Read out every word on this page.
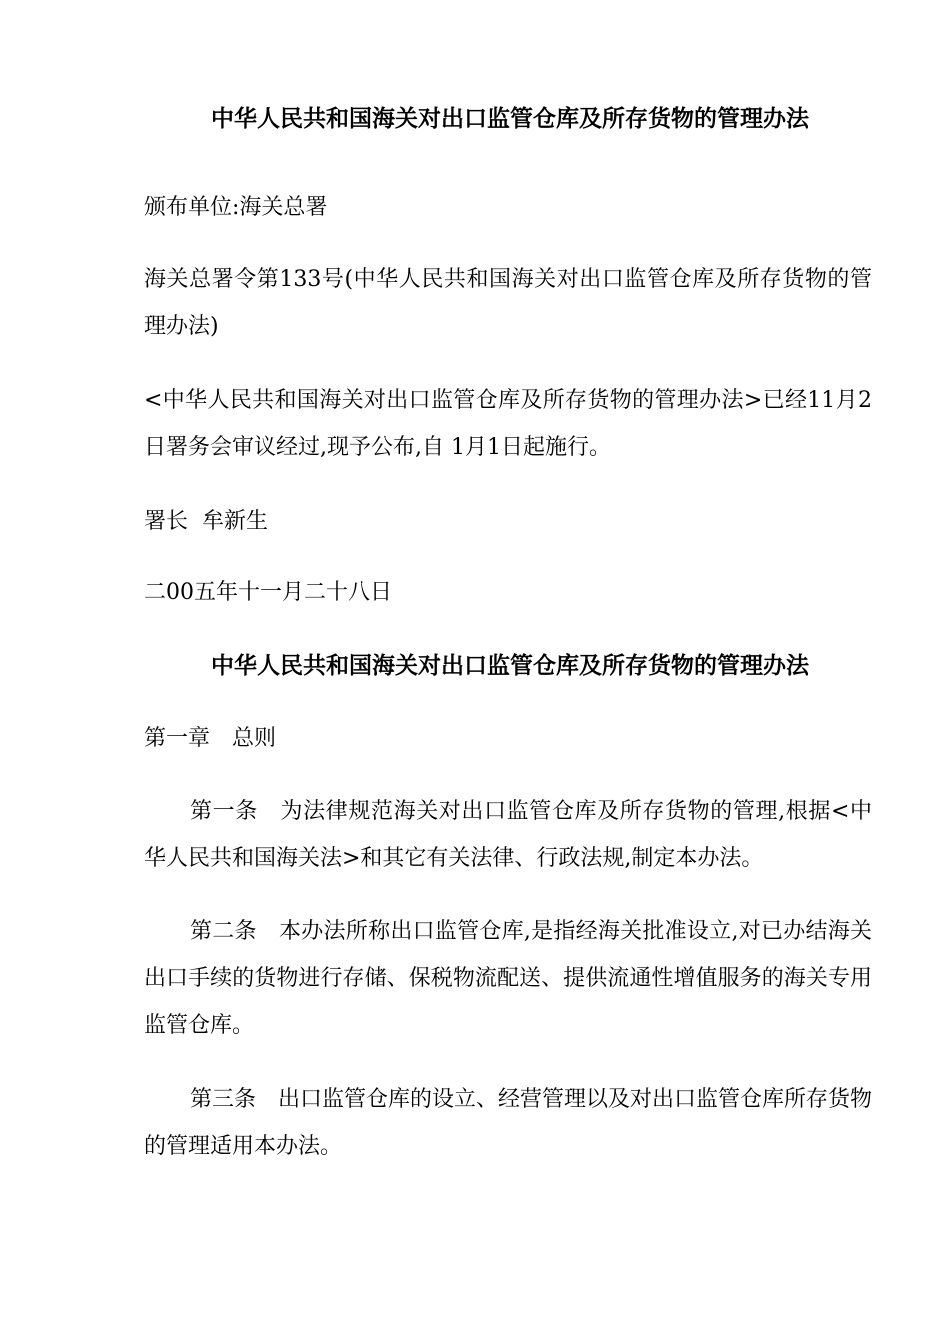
中华人民共和国海关对出口监管仓库及所存货物的管理办法

颁布单位:海关总署

海关总署令第133号(中华人民共和国海关对出口监管仓库及所存货物的管理办法)

<中华人民共和国海关对出口监管仓库及所存货物的管理办法>已经11月2日署务会审议经过,现予公布,自 1月1日起施行。

署长  牟新生

二00五年十一月二十八日

中华人民共和国海关对出口监管仓库及所存货物的管理办法

第一章　总则

第一条　为法律规范海关对出口监管仓库及所存货物的管理,根据<中华人民共和国海关法>和其它有关法律、行政法规,制定本办法。

第二条　本办法所称出口监管仓库,是指经海关批准设立,对已办结海关出口手续的货物进行存储、保税物流配送、提供流通性增值服务的海关专用监管仓库。

第三条　出口监管仓库的设立、经营管理以及对出口监管仓库所存货物的管理适用本办法。
